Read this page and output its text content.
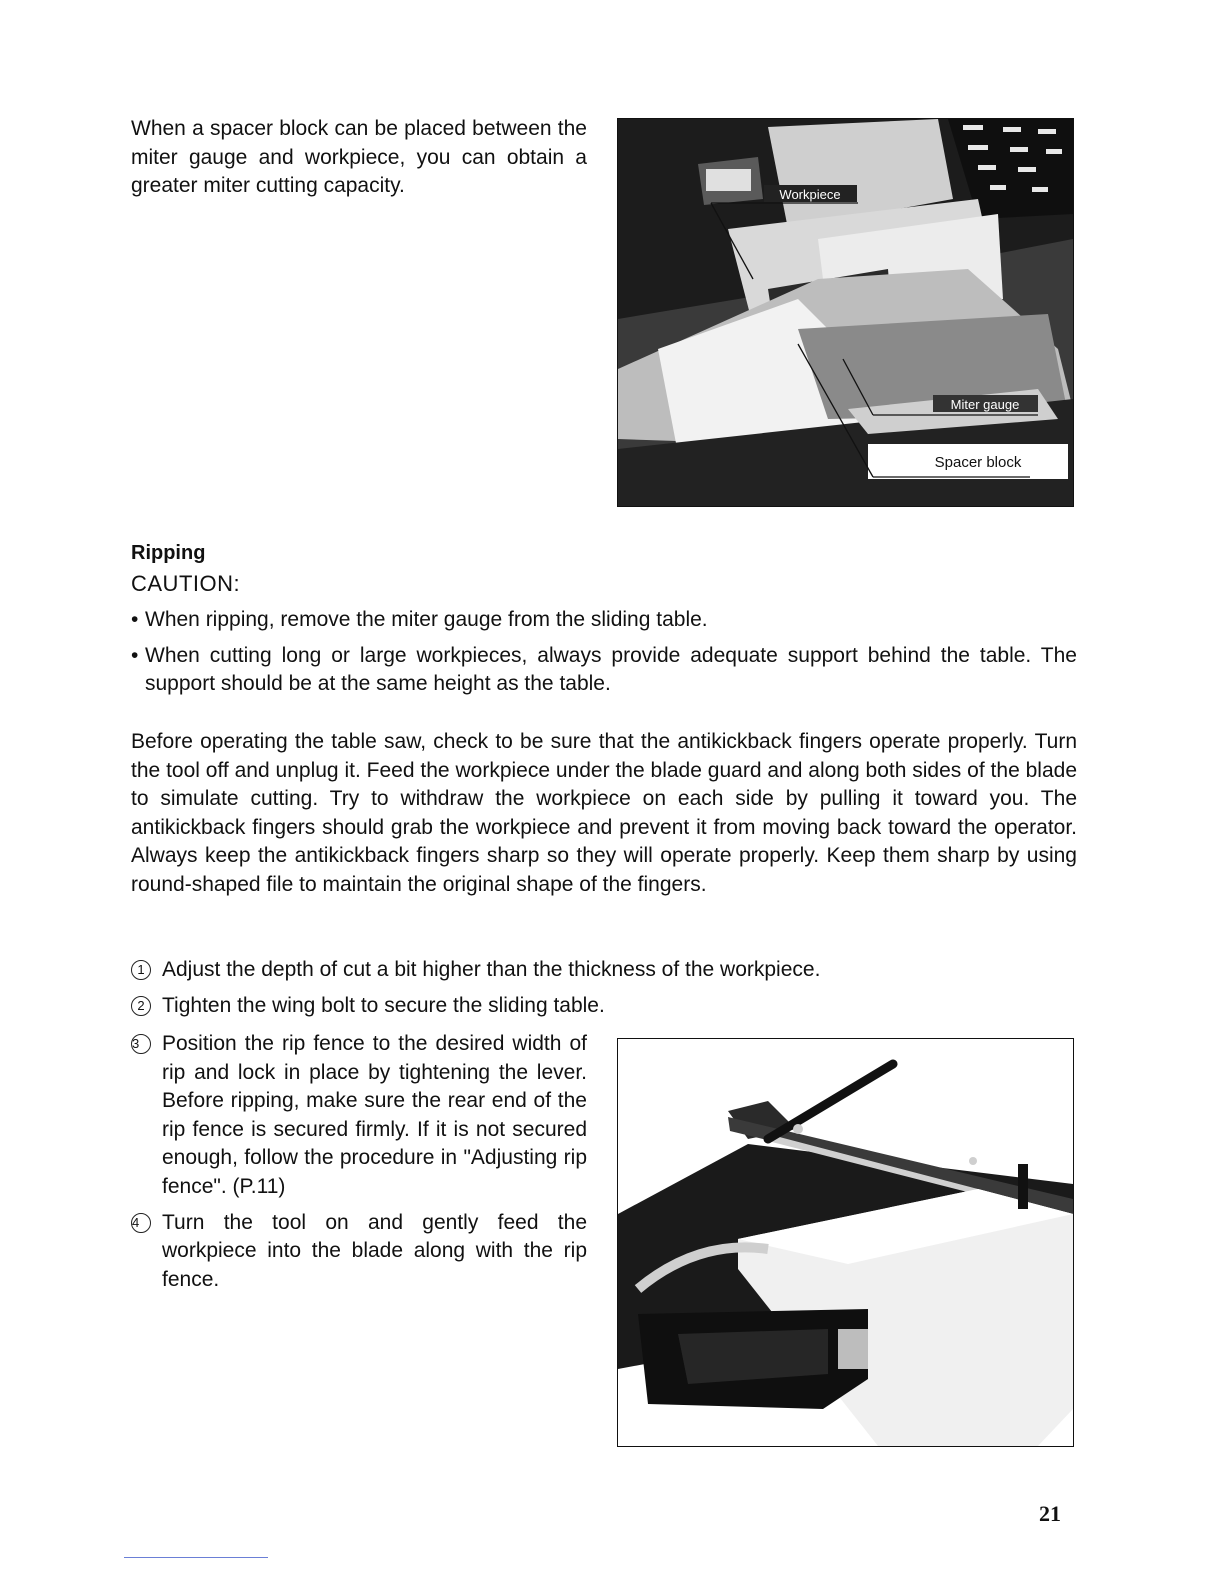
When a spacer block can be placed between the miter gauge and workpiece, you can obtain a greater miter cutting capacity.	Workpiece
Miter gauge
Spacer block
Ripping
CAUTION:
• When ripping, remove the miter gauge from the sliding table.
• When cutting long or large workpieces, always provide adequate support behind the table. The support should be at the same height as the table.
Before operating the table saw, check to be sure that the antikickback fingers operate properly. Turn the tool off and unplug it. Feed the workpiece under the blade guard and along both sides of the blade to simulate cutting. Try to withdraw the workpiece on each side by pulling it toward you. The antikickback fingers should grab the workpiece and prevent it from moving back toward the operator. Always keep the antikickback fingers sharp so they will operate properly. Keep them sharp by using round-shaped file to maintain the original shape of the fingers.
1 Adjust the depth of cut a bit higher than the thickness of the workpiece.
2 Tighten the wing bolt to secure the sliding table.
3	Position the rip fence to the desired width of rip and lock in place by tightening the lever. Before ripping, make sure the rear end of the rip fence is secured firmly. If it is not secured enough, follow the procedure in "Adjusting rip fence". (P.11)
4	Turn the tool on and gently feed the workpiece into the blade along with the rip fence.
21
